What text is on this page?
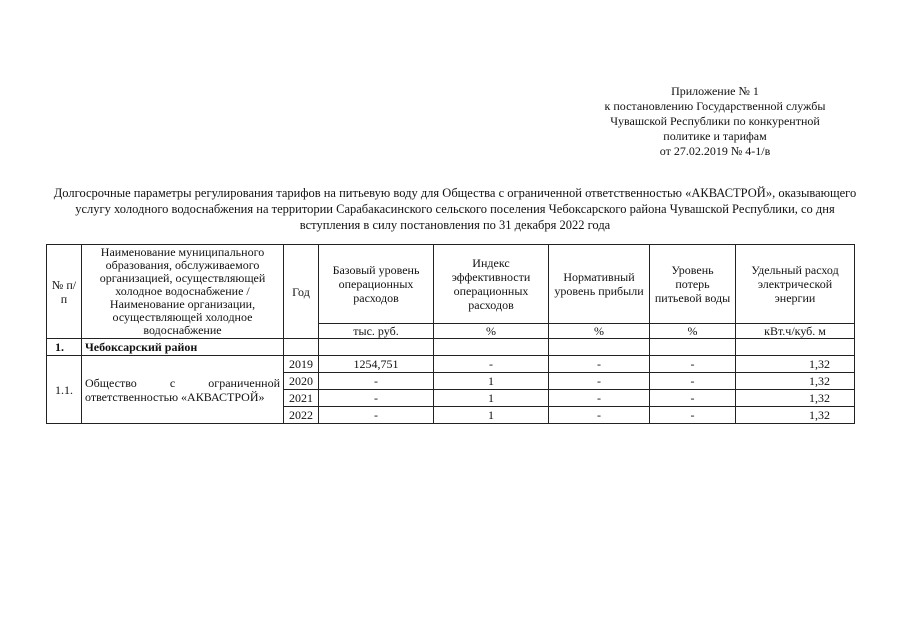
Приложение № 1
к постановлению Государственной службы
Чувашской Республики по конкурентной
политике и тарифам
от 27.02.2019 № 4-1/в
Долгосрочные параметры регулирования тарифов на питьевую воду для Общества с ограниченной ответственностью «АКВАСТРОЙ», оказывающего услугу холодного водоснабжения на территории Сарабакасинского сельского поселения Чебоксарского района Чувашской Республики, со дня вступления в силу постановления по 31 декабря 2022 года
№ п/п	Наименование муниципального образования, обслуживаемого организацией, осуществляющей холодное водоснабжение / Наименование организации, осуществляющей холодное водоснабжение	Год	Базовый уровень операционных расходов	Индекс эффективности операционных расходов	Нормативный уровень прибыли	Уровень потерь питьевой воды	Удельный расход электрической энергии
			тыс. руб.	%	%	%	кВт.ч/куб. м
1.	Чебоксарский район						
1.1.	Общество с ограниченной ответственностью «АКВАСТРОЙ»	2019	1254,751	-	-	-	1,32
		2020	-	1	-	-	1,32
		2021	-	1	-	-	1,32
		2022	-	1	-	-	1,32
